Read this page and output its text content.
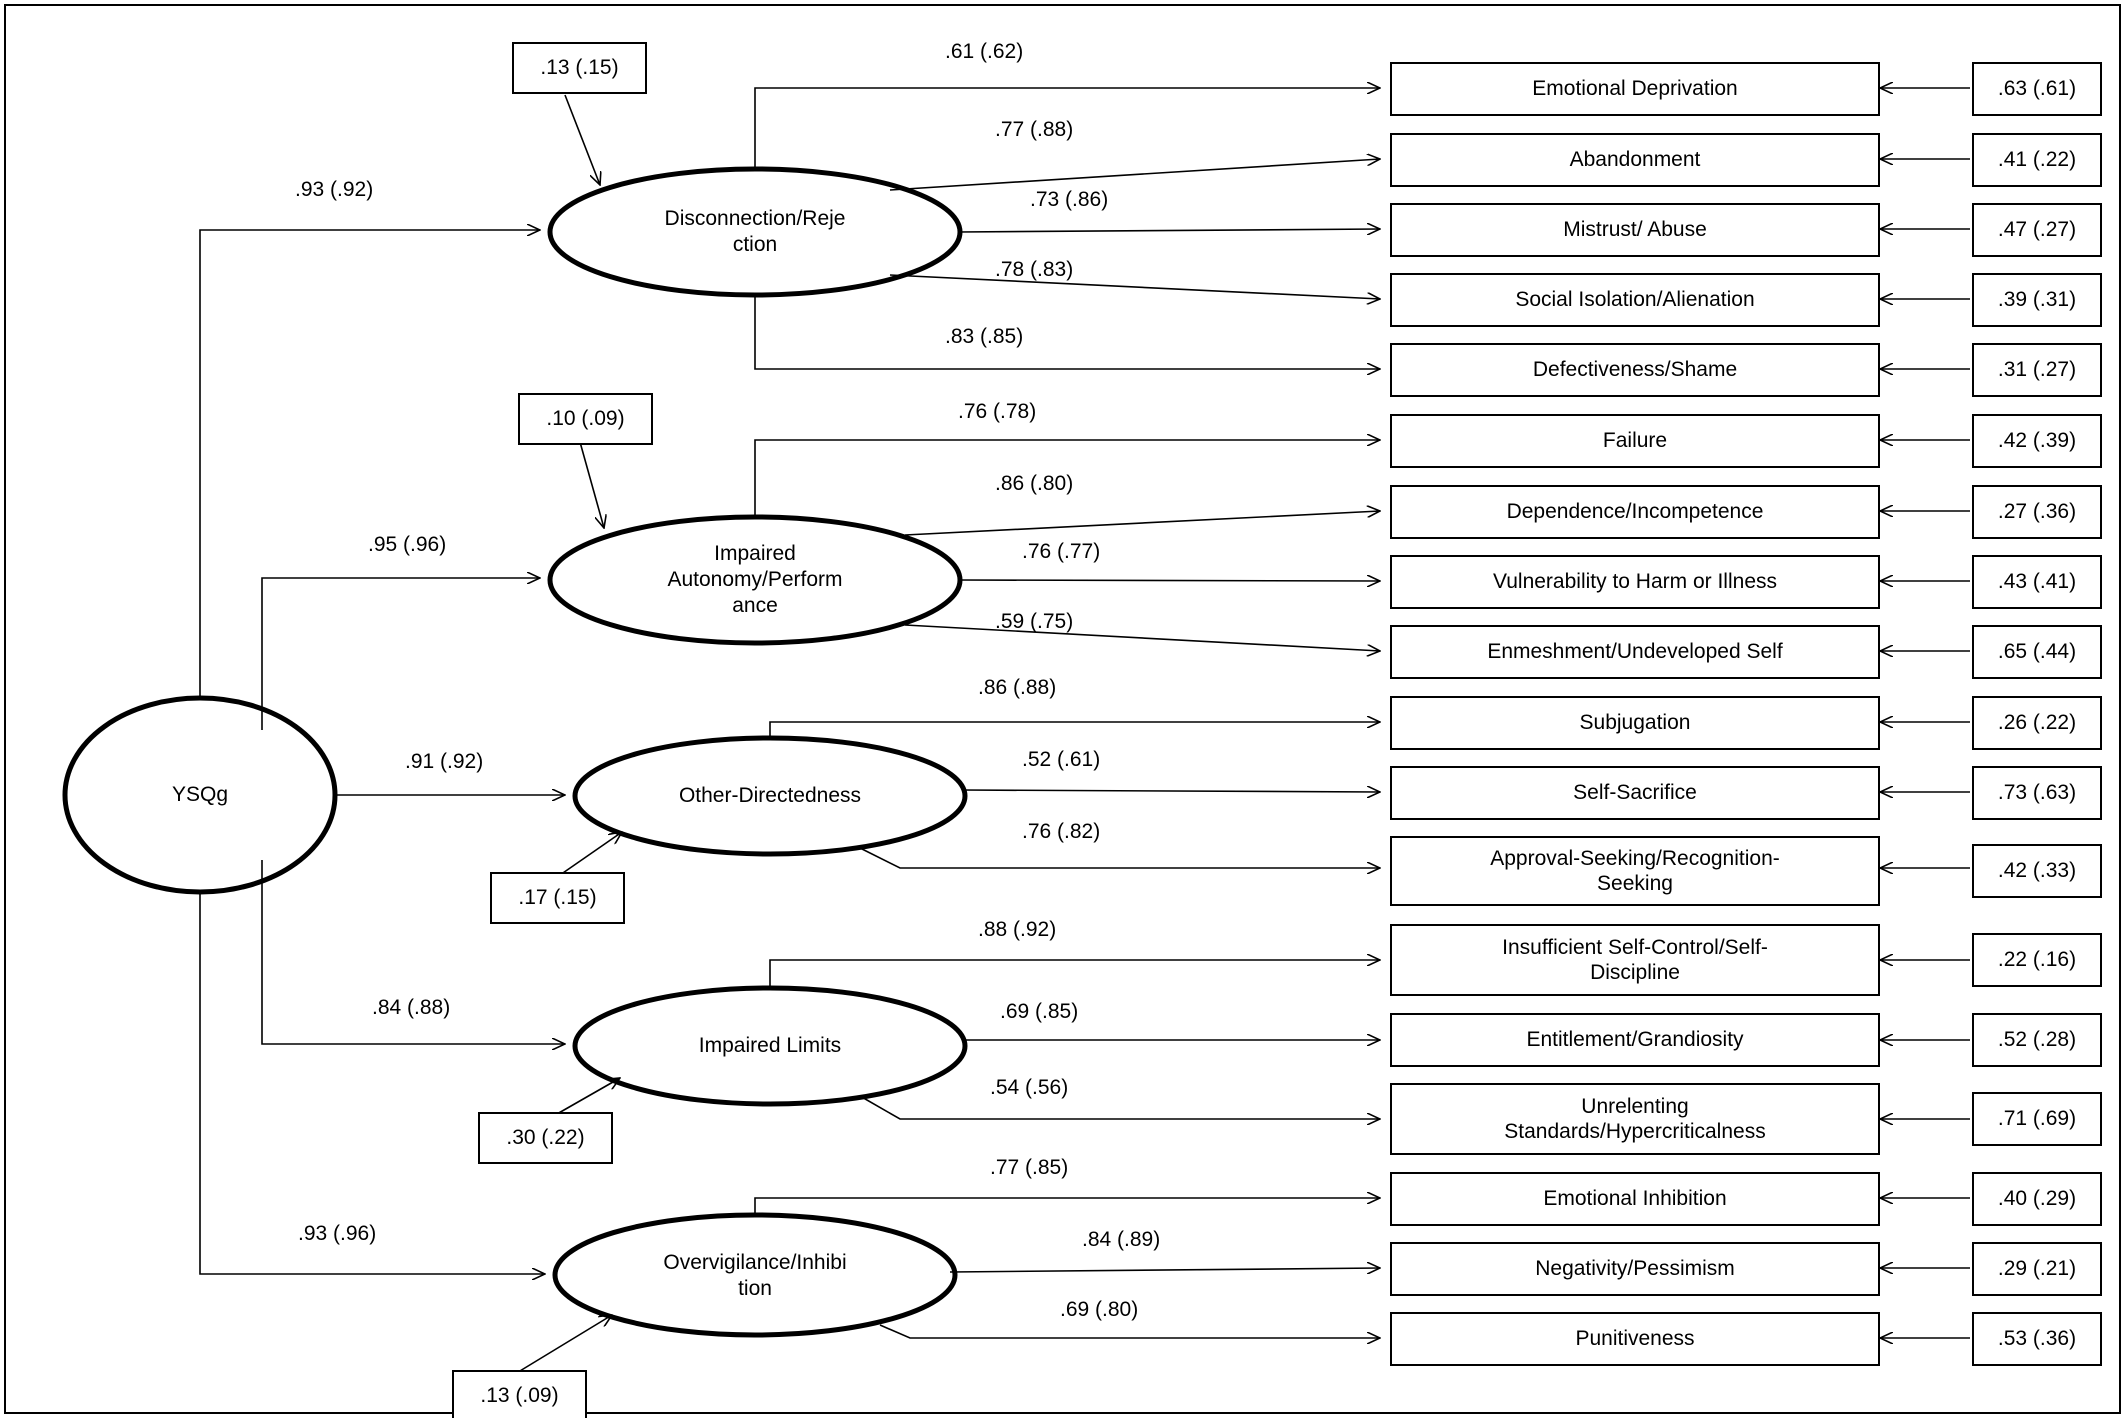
YSQg
Disconnection/Reje
ction
Impaired
Autonomy/Perform
ance
Other-Directedness
Impaired Limits
Overvigilance/Inhibi
tion
.13 (.15)
.10 (.09)
.17 (.15)
.30 (.22)
.13 (.09)
.93 (.92)
.95 (.96)
.91 (.92)
.84 (.88)
.93 (.96)
.61 (.62)
.77 (.88)
.73 (.86)
.78 (.83)
.83 (.85)
.76 (.78)
.86 (.80)
.76 (.77)
.59 (.75)
.86 (.88)
.52 (.61)
.76 (.82)
.88 (.92)
.69 (.85)
.54 (.56)
.77 (.85)
.84 (.89)
.69 (.80)
Emotional Deprivation
Abandonment
Mistrust/ Abuse
Social Isolation/Alienation
Defectiveness/Shame
Failure
Dependence/Incompetence
Vulnerability to Harm or Illness
Enmeshment/Undeveloped Self
Subjugation
Self-Sacrifice
Approval-Seeking/Recognition-
Seeking
Insufficient Self-Control/Self-
Discipline
Entitlement/Grandiosity
Unrelenting
Standards/Hypercriticalness
Emotional Inhibition
Negativity/Pessimism
Punitiveness
.63 (.61)
.41 (.22)
.47 (.27)
.39 (.31)
.31 (.27)
.42 (.39)
.27 (.36)
.43 (.41)
.65 (.44)
.26 (.22)
.73 (.63)
.42 (.33)
.22 (.16)
.52 (.28)
.71 (.69)
.40 (.29)
.29 (.21)
.53 (.36)
